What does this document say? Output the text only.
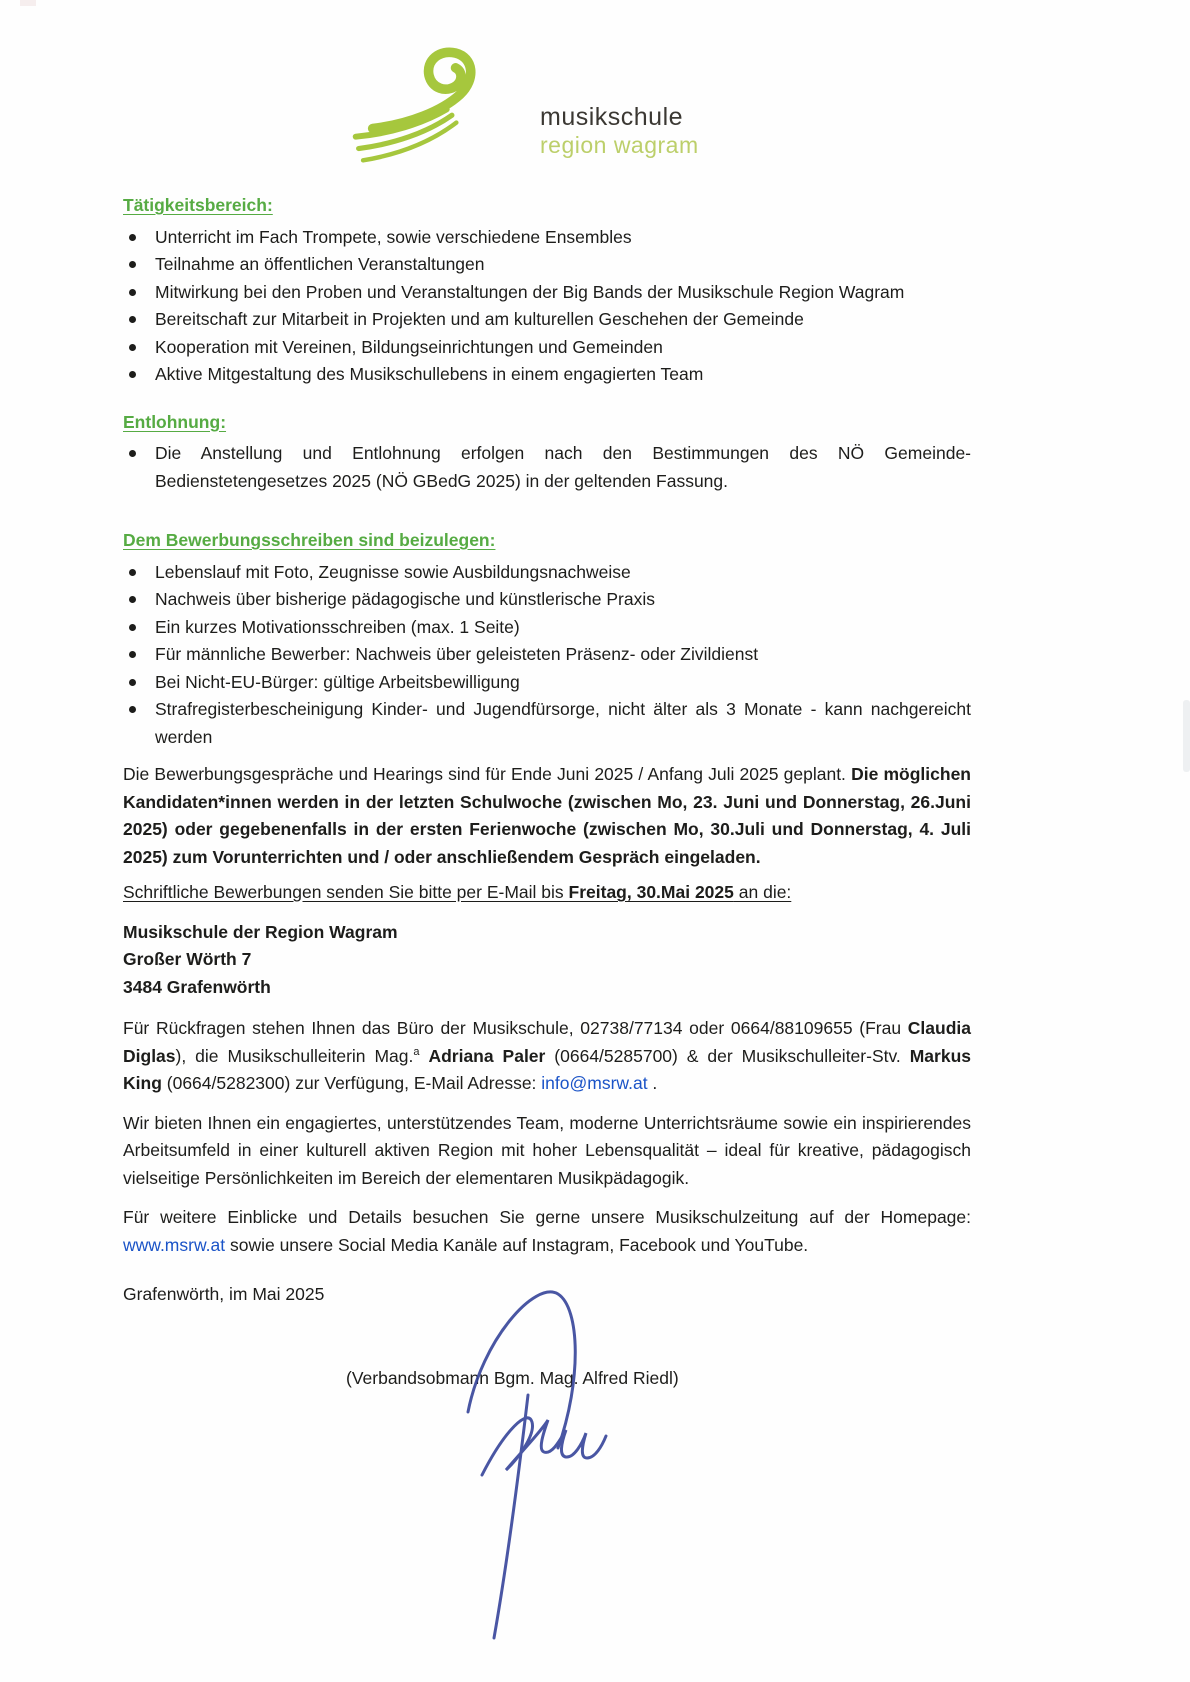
musikschule
region wagram
Tätigkeitsbereich:
Unterricht im Fach Trompete, sowie verschiedene Ensembles
Teilnahme an öffentlichen Veranstaltungen
Mitwirkung bei den Proben und Veranstaltungen der Big Bands der Musikschule Region Wagram
Bereitschaft zur Mitarbeit in Projekten und am kulturellen Geschehen der Gemeinde
Kooperation mit Vereinen, Bildungseinrichtungen und Gemeinden
Aktive Mitgestaltung des Musikschullebens in einem engagierten Team
Entlohnung:
Die Anstellung und Entlohnung erfolgen nach den Bestimmungen des NÖ Gemeinde-Bedienstetengesetzes 2025 (NÖ GBedG 2025) in der geltenden Fassung.
Dem Bewerbungsschreiben sind beizulegen:
Lebenslauf mit Foto, Zeugnisse sowie Ausbildungsnachweise
Nachweis über bisherige pädagogische und künstlerische Praxis
Ein kurzes Motivationsschreiben (max. 1 Seite)
Für männliche Bewerber: Nachweis über geleisteten Präsenz- oder Zivildienst
Bei Nicht-EU-Bürger: gültige Arbeitsbewilligung
Strafregisterbescheinigung Kinder- und Jugendfürsorge, nicht älter als 3 Monate - kann nachgereicht werden

Die Bewerbungsgespräche und Hearings sind für Ende Juni 2025 / Anfang Juli 2025 geplant. Die möglichen Kandidaten*innen werden in der letzten Schulwoche (zwischen Mo, 23. Juni und Donnerstag, 26.Juni 2025) oder gegebenenfalls in der ersten Ferienwoche (zwischen Mo, 30.Juli und Donnerstag, 4. Juli 2025) zum Vorunterrichten und / oder anschließendem Gespräch eingeladen.

Schriftliche Bewerbungen senden Sie bitte per E-Mail bis Freitag, 30.Mai 2025 an die:

Musikschule der Region Wagram
Großer Wörth 7
3484 Grafenwörth

Für Rückfragen stehen Ihnen das Büro der Musikschule, 02738/77134 oder 0664/88109655 (Frau Claudia Diglas), die Musikschulleiterin Mag.$^a$ Adriana Paler (0664/5285700) & der Musikschulleiter-Stv. Markus King (0664/5282300) zur Verfügung, E-Mail Adresse: info@msrw.at .

Wir bieten Ihnen ein engagiertes, unterstützendes Team, moderne Unterrichtsräume sowie ein inspirierendes Arbeitsumfeld in einer kulturell aktiven Region mit hoher Lebensqualität – ideal für kreative, pädagogisch vielseitige Persönlichkeiten im Bereich der elementaren Musikpädagogik.

Für weitere Einblicke und Details besuchen Sie gerne unsere Musikschulzeitung auf der Homepage: www.msrw.at sowie unsere Social Media Kanäle auf Instagram, Facebook und YouTube.

Grafenwörth, im Mai 2025
(Verbandsobmann Bgm. Mag. Alfred Riedl)
